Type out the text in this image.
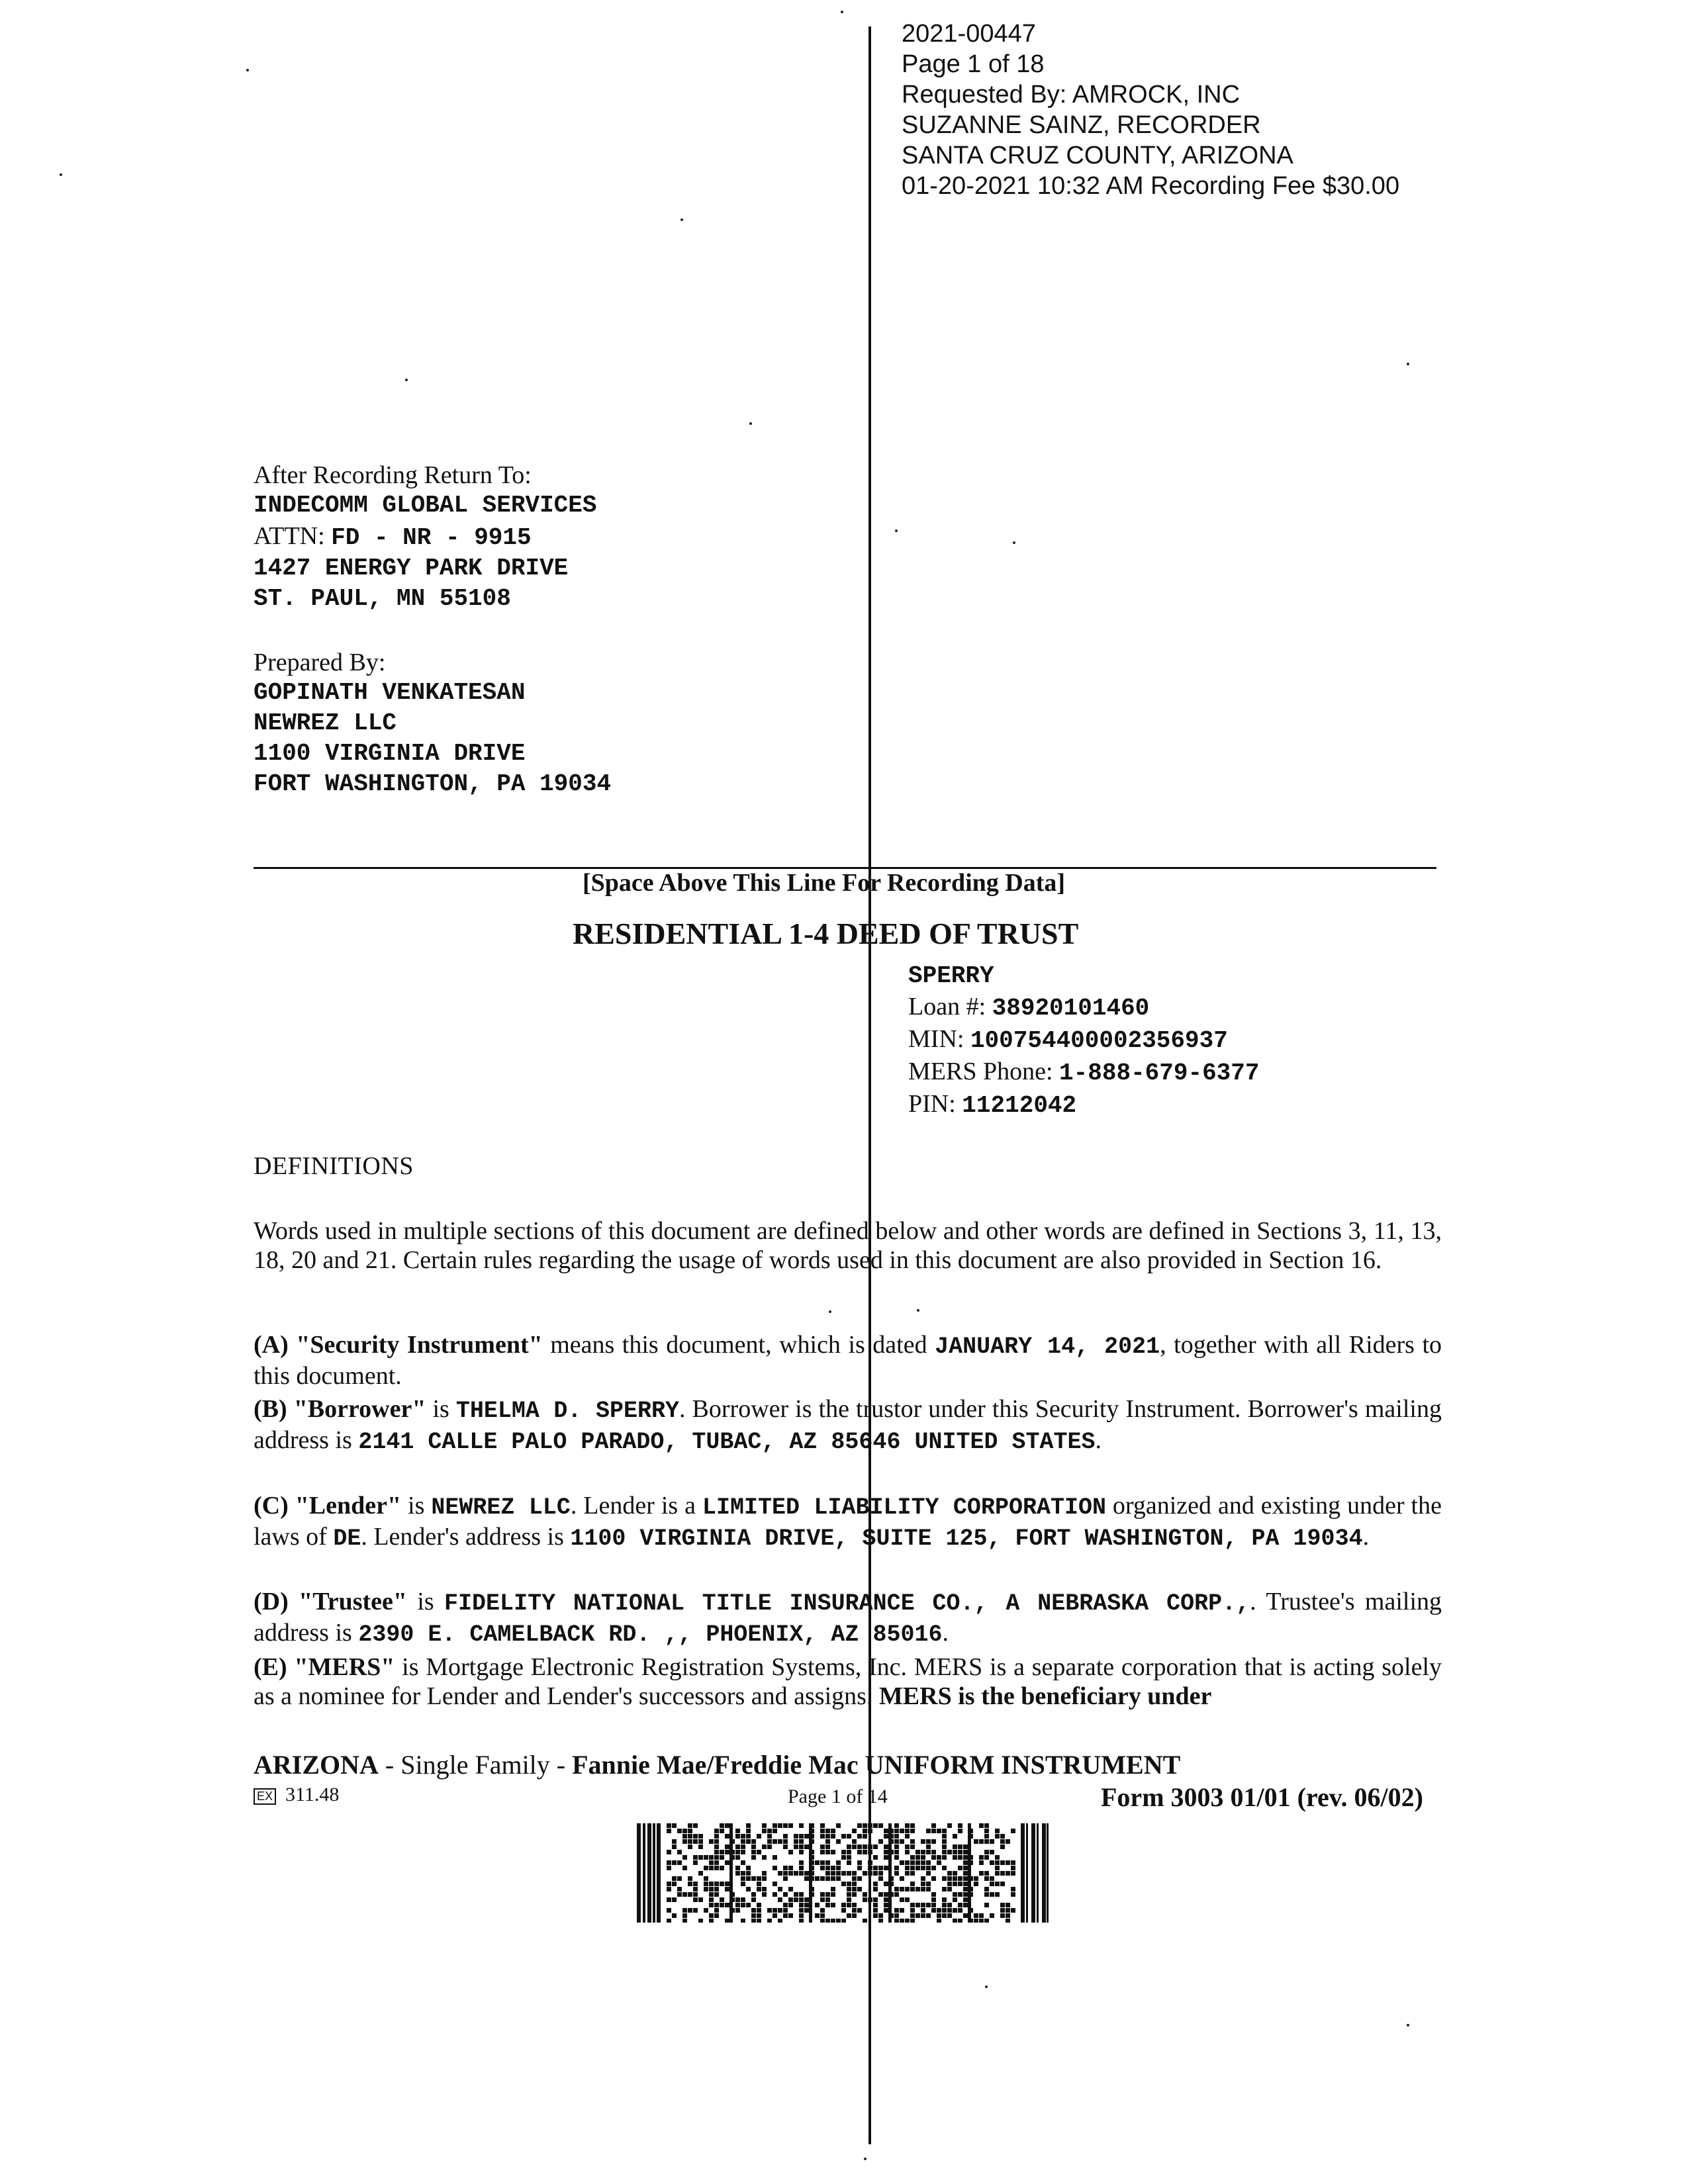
2021-00447
Page 1 of 18
Requested By: AMROCK, INC
SUZANNE SAINZ, RECORDER
SANTA CRUZ COUNTY, ARIZONA
01-20-2021 10:32 AM Recording Fee $30.00
After Recording Return To:
INDECOMM GLOBAL SERVICES
ATTN: FD - NR - 9915
1427 ENERGY PARK DRIVE
ST. PAUL, MN 55108
Prepared By:
GOPINATH VENKATESAN
NEWREZ LLC
1100 VIRGINIA DRIVE
FORT WASHINGTON, PA 19034
[Space Above This Line For Recording Data]
RESIDENTIAL 1-4 DEED OF TRUST
SPERRY
Loan #: 38920101460
MIN: 100754400002356937
MERS Phone: 1-888-679-6377
PIN: 11212042
DEFINITIONS
Words used in multiple sections of this document are defined below and other words are defined in Sections 3, 11, 13, 18, 20 and 21. Certain rules regarding the usage of words used in this document are also provided in Section 16.
(A) "Security Instrument" means this document, which is dated JANUARY 14, 2021, together with all Riders to this document.
(B) "Borrower" is THELMA D. SPERRY. Borrower is the trustor under this Security Instrument. Borrower's mailing address is 2141 CALLE PALO PARADO, TUBAC, AZ 85646 UNITED STATES.
(C) "Lender" is NEWREZ LLC. Lender is a LIMITED LIABILITY CORPORATION organized and existing under the laws of DE. Lender's address is 1100 VIRGINIA DRIVE, SUITE 125, FORT WASHINGTON, PA 19034.
(D) "Trustee" is FIDELITY NATIONAL TITLE INSURANCE CO., A NEBRASKA CORP.,. Trustee's mailing address is 2390 E. CAMELBACK RD. ,, PHOENIX, AZ 85016.
(E) "MERS" is Mortgage Electronic Registration Systems, Inc. MERS is a separate corporation that is acting solely as a nominee for Lender and Lender's successors and assigns. MERS is the beneficiary under
ARIZONA - Single Family - Fannie Mae/Freddie Mac UNIFORM INSTRUMENT
EX 311.48	Page 1 of 14	Form 3003 01/01 (rev. 06/02)
